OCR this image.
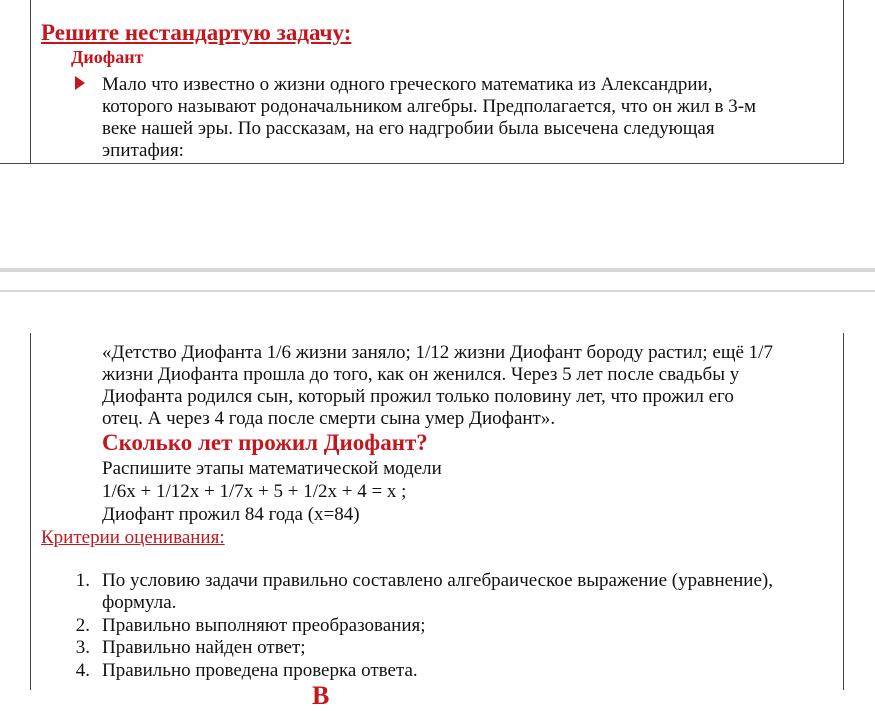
Решите нестандартую задачу:
Диофант
Мало что известно о жизни одного греческого математика из Александрии,
которого называют родоначальником алгебры. Предполагается, что он жил в 3-м
веке нашей эры. По рассказам, на его надгробии была высечена следующая
эпитафия:
«Детство Диофанта 1/6 жизни заняло; 1/12 жизни Диофант бороду растил; ещё 1/7
жизни Диофанта прошла до того, как он женился. Через 5 лет после свадьбы у
Диофанта родился сын, который прожил только половину лет, что прожил его
отец. А через 4 года после смерти сына умер Диофант».
Сколько лет прожил Диофант?
Распишите этапы математической модели
1/6х + 1/12х + 1/7х + 5 + 1/2х + 4 = х ;
Диофант прожил 84 года (х=84)
Критерии оценивания:
1. По условию задачи правильно составлено алгебраическое выражение (уравнение),
формула.
2. Правильно выполняют преобразования;
3. Правильно найден ответ;
4. Правильно проведена проверка ответа.
В
